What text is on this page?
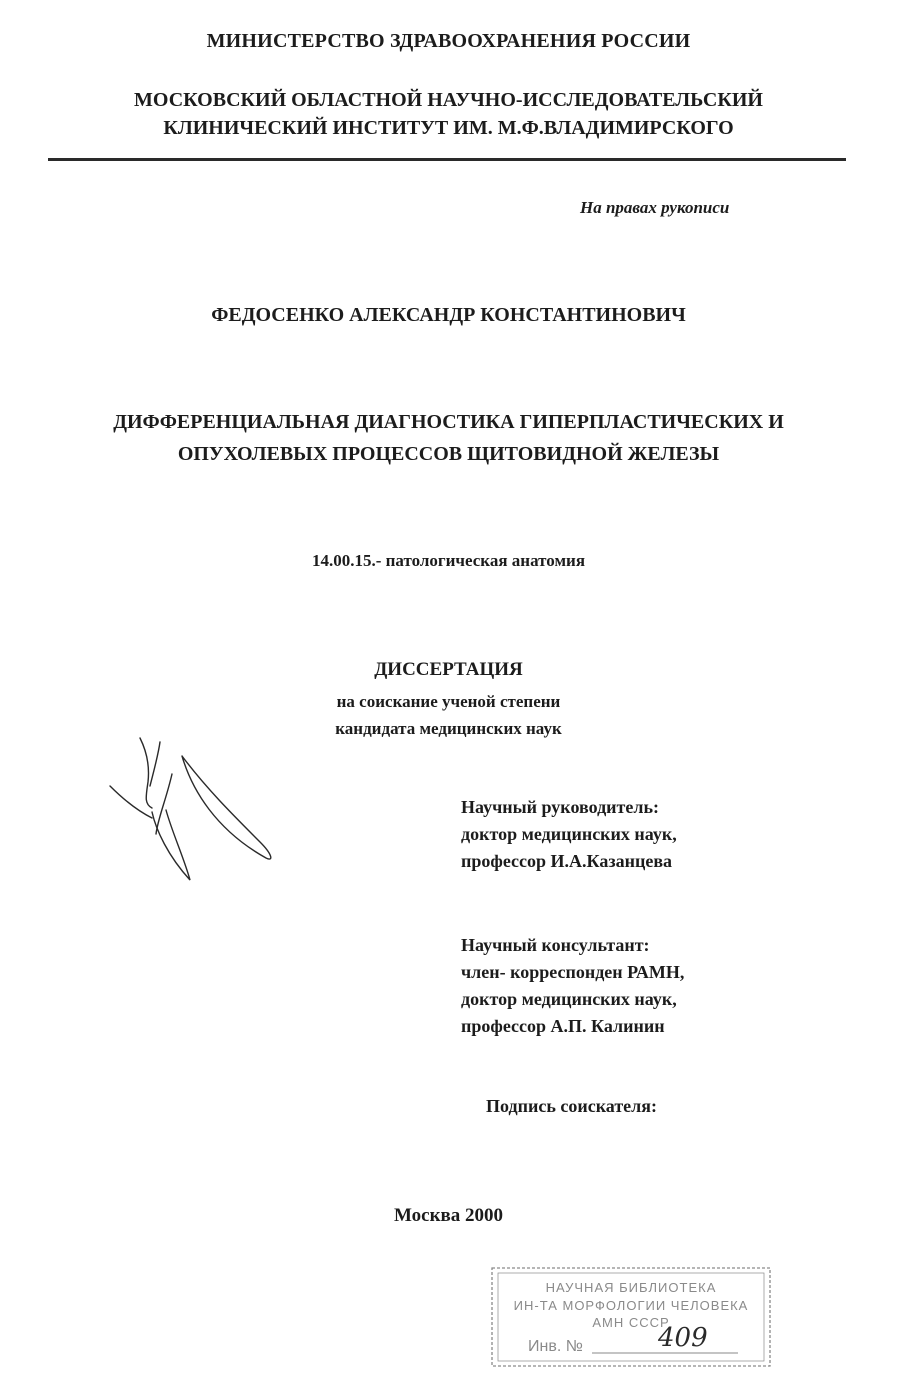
МИНИСТЕРСТВО ЗДРАВООХРАНЕНИЯ РОССИИ
МОСКОВСКИЙ ОБЛАСТНОЙ НАУЧНО-ИССЛЕДОВАТЕЛЬСКИЙ
КЛИНИЧЕСКИЙ ИНСТИТУТ ИМ. М.Ф.ВЛАДИМИРСКОГО
На правах рукописи
ФЕДОСЕНКО АЛЕКСАНДР КОНСТАНТИНОВИЧ
ДИФФЕРЕНЦИАЛЬНАЯ ДИАГНОСТИКА ГИПЕРПЛАСТИЧЕСКИХ И
ОПУХОЛЕВЫХ ПРОЦЕССОВ ЩИТОВИДНОЙ ЖЕЛЕЗЫ
14.00.15.- патологическая анатомия
ДИССЕРТАЦИЯ
на соискание ученой степени
кандидата медицинских наук
Научный руководитель:
доктор медицинских наук,
профессор И.А.Казанцева
Научный консультант:
член- корреспонден РАМН,
доктор медицинских наук,
профессор А.П. Калинин
Подпись соискателя:
Москва 2000
НАУЧНАЯ БИБЛИОТЕКА
ИН-ТА МОРФОЛОГИИ ЧЕЛОВЕКА
АМН СССР
Инв. №	409
